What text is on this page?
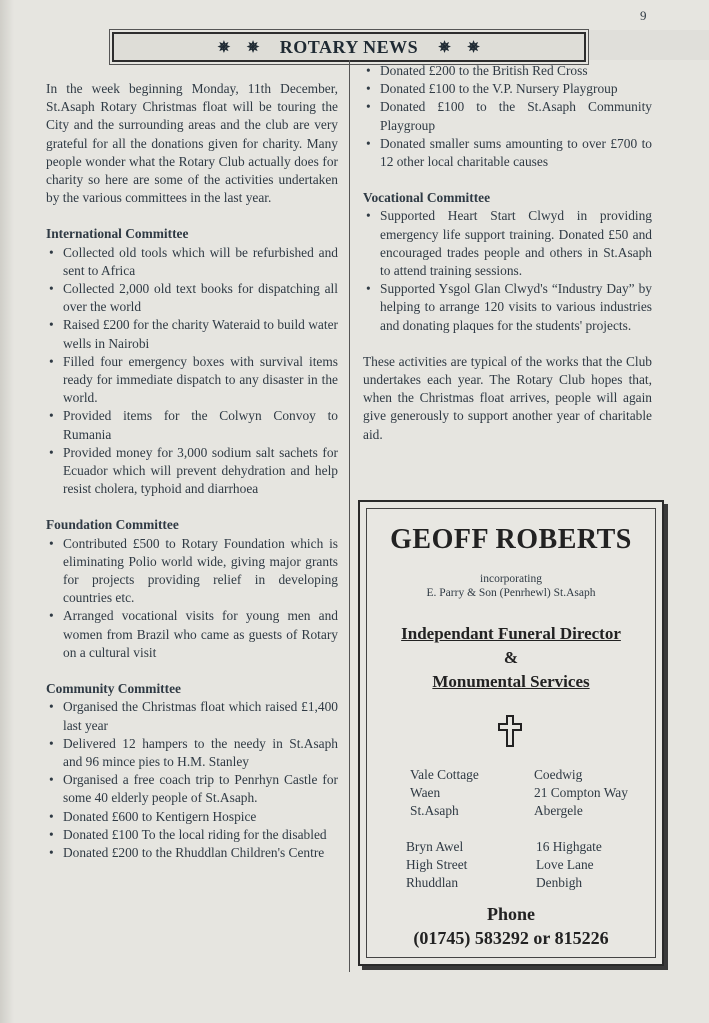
9
✵ ✵ ROTARY NEWS ✵ ✵

In the week beginning Monday, 11th December, St.Asaph Rotary Christmas float will be touring the City and the surrounding areas and the club are very grateful for all the donations given for charity. Many people wonder what the Rotary Club actually does for charity so here are some of the activities undertaken by the various committees in the last year.

International Committee
• Collected old tools which will be refurbished and sent to Africa
• Collected 2,000 old text books for dispatching all over the world
• Raised £200 for the charity Wateraid to build water wells in Nairobi
• Filled four emergency boxes with survival items ready for immediate dispatch to any disaster in the world.
• Provided items for the Colwyn Convoy to Rumania
• Provided money for 3,000 sodium salt sachets for Ecuador which will prevent dehydration and help resist cholera, typhoid and diarrhoea
Foundation Committee
• Contributed £500 to Rotary Foundation which is eliminating Polio world wide, giving major grants for projects providing relief in developing countries etc.
• Arranged vocational visits for young men and women from Brazil who came as guests of Rotary on a cultural visit
Community Committee
• Organised the Christmas float which raised £1,400 last year
• Delivered 12 hampers to the needy in St.Asaph and 96 mince pies to H.M. Stanley
• Organised a free coach trip to Penrhyn Castle for some 40 elderly people of St.Asaph.
• Donated £600 to Kentigern Hospice
• Donated £100 To the local riding for the disabled
• Donated £200 to the Rhuddlan Children's Centre
• Donated £200 to the British Red Cross
• Donated £100 to the V.P. Nursery Playgroup
• Donated £100 to the St.Asaph Community Playgroup
• Donated smaller sums amounting to over £700 to 12 other local charitable causes
Vocational Committee
• Supported Heart Start Clwyd in providing emergency life support training. Donated £50 and encouraged trades people and others in St.Asaph to attend training sessions.
• Supported Ysgol Glan Clwyd's “Industry Day” by helping to arrange 120 visits to various industries and donating plaques for the students' projects.

These activities are typical of the works that the Club undertakes each year. The Rotary Club hopes that, when the Christmas float arrives, people will again give generously to support another year of charitable aid.

GEOFF ROBERTS
incorporating
E. Parry & Son (Penrhewl) St.Asaph
Independant Funeral Director
&
Monumental Services
Vale Cottage
Waen
St.Asaph
Coedwig
21 Compton Way
Abergele
Bryn Awel
High Street
Rhuddlan
16 Highgate
Love Lane
Denbigh
Phone
(01745) 583292 or 815226
